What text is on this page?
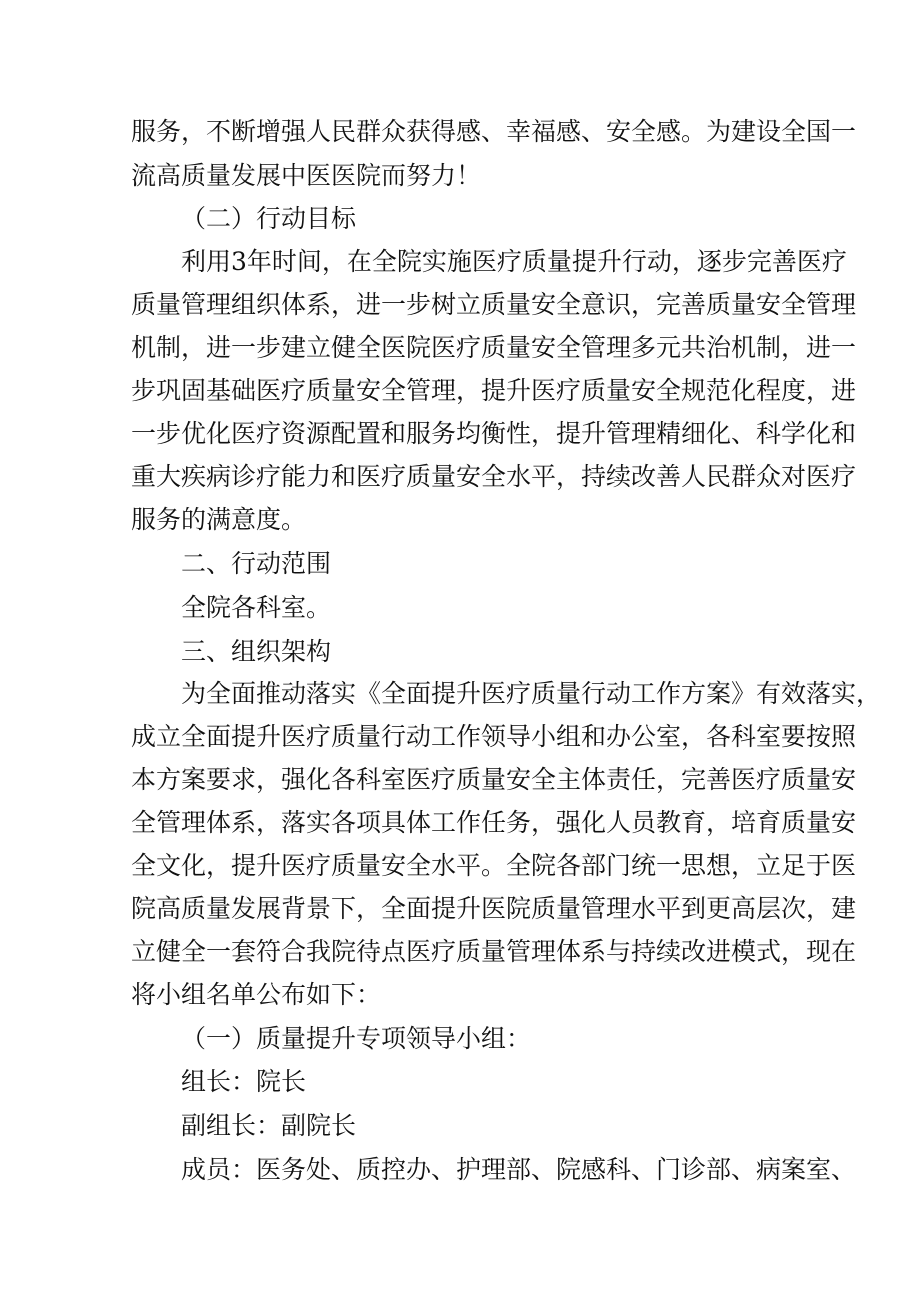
服务，不断增强人民群众获得感、幸福感、安全感。为建设全国一
流高质量发展中医医院而努力！
（二）行动目标
利用3年时间，在全院实施医疗质量提升行动，逐步完善医疗
质量管理组织体系，进一步树立质量安全意识，完善质量安全管理
机制，进一步建立健全医院医疗质量安全管理多元共治机制，进一
步巩固基础医疗质量安全管理，提升医疗质量安全规范化程度，进
一步优化医疗资源配置和服务均衡性，提升管理精细化、科学化和
重大疾病诊疗能力和医疗质量安全水平，持续改善人民群众对医疗
服务的满意度。
二、行动范围
全院各科室。
三、组织架构
为全面推动落实《全面提升医疗质量行动工作方案》有效落实，
成立全面提升医疗质量行动工作领导小组和办公室，各科室要按照
本方案要求，强化各科室医疗质量安全主体责任，完善医疗质量安
全管理体系，落实各项具体工作任务，强化人员教育，培育质量安
全文化，提升医疗质量安全水平。全院各部门统一思想，立足于医
院高质量发展背景下，全面提升医院质量管理水平到更高层次，建
立健全一套符合我院待点医疗质量管理体系与持续改进模式，现在
将小组名单公布如下：
（一）质量提升专项领导小组：
组长：院长
副组长：副院长
成员：医务处、质控办、护理部、院感科、门诊部、病案室、
